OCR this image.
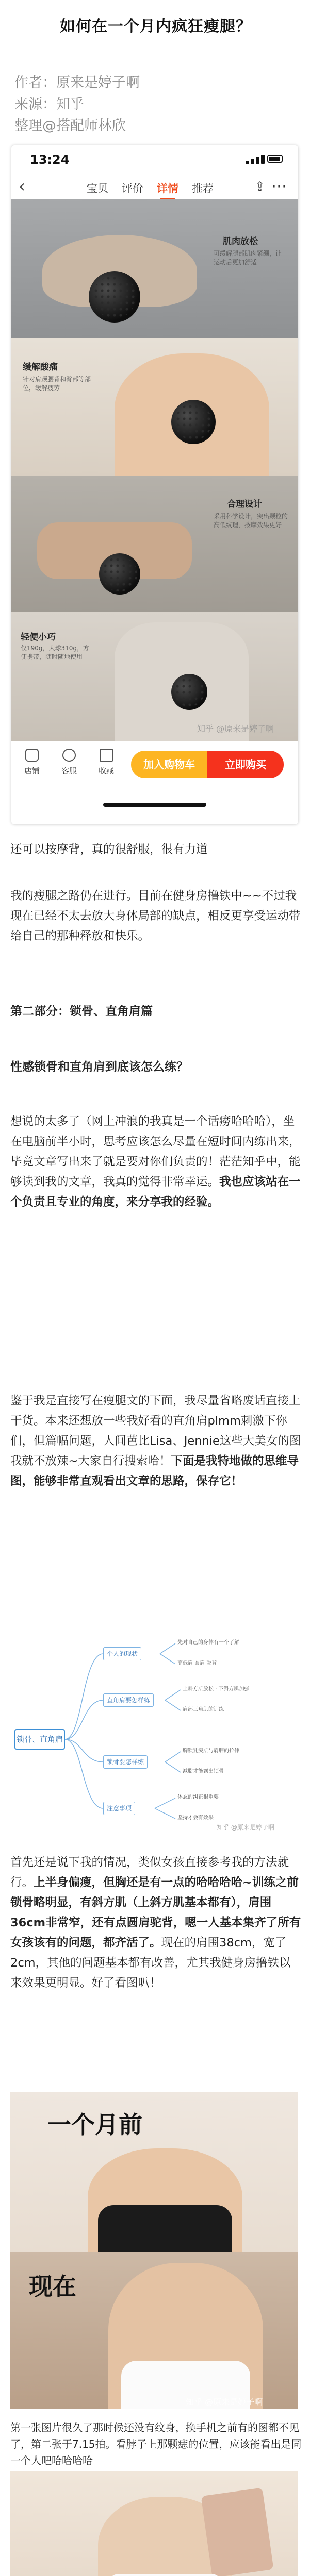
如何在一个月内疯狂瘦腿？
作者：原来是婷子啊
来源：知乎
整理@搭配师林欣
13:24
‹	宝贝 评价 详情 推荐	⇪ ⋯
肌肉放松
可缓解腿部肌肉紧绷，让运动后更加舒适
缓解酸痛
针对肩颈腰背和臀部等部位，缓解疲劳
合理设计
采用科学设计，突出颗粒的高低纹理，按摩效果更好
轻便小巧
仅190g，大球310g，方便携带，随时随地使用
知乎 @原来是婷子啊
店铺	客服	收藏	加入购物车	立即购买
还可以按摩背，真的很舒服，很有力道
我的瘦腿之路仍在进行。目前在健身房撸铁中~~不过我现在已经不太去放大身体局部的缺点，相反更享受运动带给自己的那种释放和快乐。
第二部分：锁骨、直角肩篇
性感锁骨和直角肩到底该怎么练？
想说的太多了（网上冲浪的我真是一个话痨哈哈哈），坐在电脑前半小时，思考应该怎么尽量在短时间内练出来，毕竟文章写出来了就是要对你们负责的！茫茫知乎中，能够读到我的文章，我真的觉得非常幸运。我也应该站在一个负责且专业的角度，来分享我的经验。
鉴于我是直接写在瘦腿文的下面，我尽量省略废话直接上干货。本来还想放一些我好看的直角肩plmm刺激下你们，但篇幅问题，人间芭比Lisa、Jennie这些大美女的图我就不放辣~大家自行搜索哈！下面是我特地做的思维导图，能够非常直观看出文章的思路，保存它！
锁骨、直角肩
个人的现状
直角肩要怎样练
锁骨要怎样练
注意事项
先对自己的身体有一个了解
高低肩 圆肩 驼背
上斜方肌放松 · 下斜方肌加强
肩部三角肌的训练
胸锁乳突肌与肩胛的拉伸
减脂才能露出锁骨
体态的纠正很重要
坚持才会有效果
知乎 @原来是婷子啊
首先还是说下我的情况，类似女孩直接参考我的方法就行。上半身偏瘦，但胸还是有一点的哈哈哈哈~训练之前锁骨略明显，有斜方肌（上斜方肌基本都有），肩围36cm非常窄，还有点圆肩驼背，嗯一人基本集齐了所有女孩该有的问题，都齐活了。现在的肩围38cm，宽了2cm，其他的问题基本都有改善，尤其我健身房撸铁以来效果更明显。好了看图叭！
一个月前
现在
知乎 @原来是婷子啊
第一张图片很久了那时候还没有纹身，换手机之前有的图都不见了，第二张于7.15拍。看脖子上那颗痣的位置，应该能看出是同一个人吧哈哈哈哈
